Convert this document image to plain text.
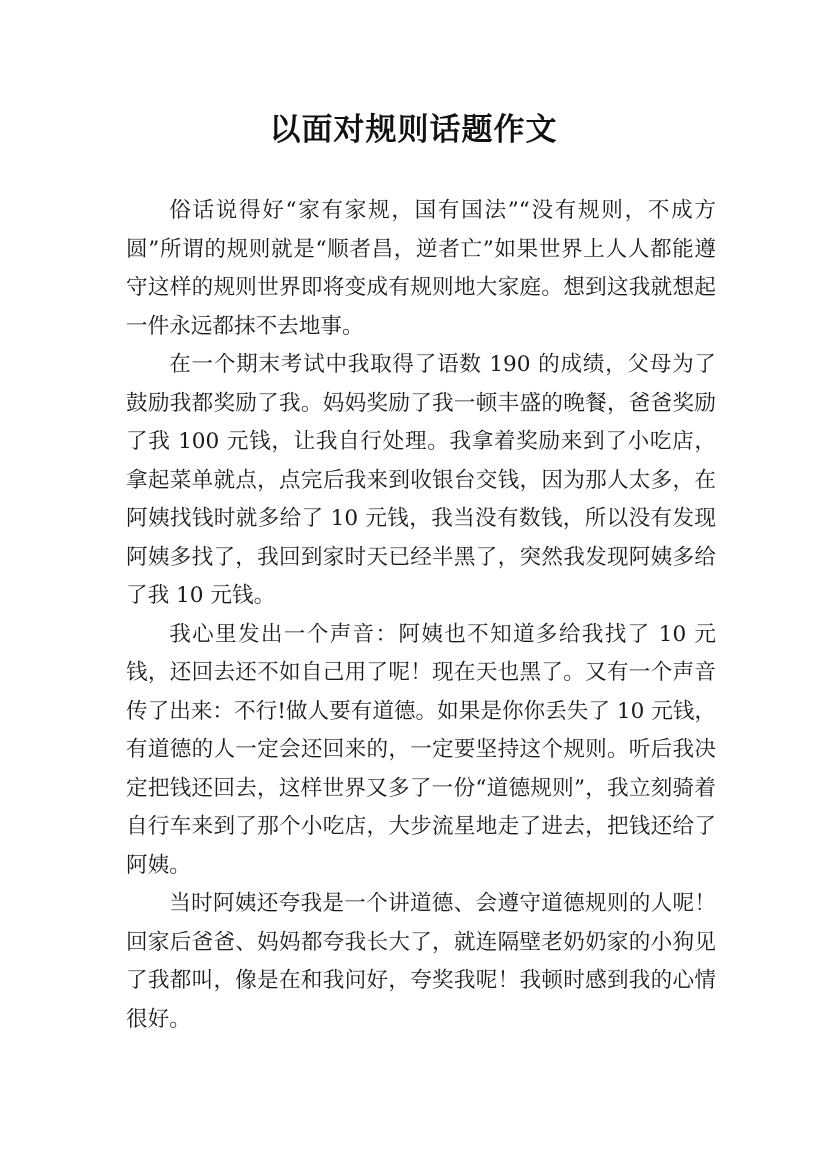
以面对规则话题作文

俗话说得好“家有家规，国有国法”“没有规则，不成方圆”所谓的规则就是“顺者昌，逆者亡”如果世界上人人都能遵守这样的规则世界即将变成有规则地大家庭。想到这我就想起一件永远都抹不去地事。

在一个期末考试中我取得了语数 190 的成绩，父母为了鼓励我都奖励了我。妈妈奖励了我一顿丰盛的晚餐，爸爸奖励了我 100 元钱，让我自行处理。我拿着奖励来到了小吃店，拿起菜单就点，点完后我来到收银台交钱，因为那人太多，在阿姨找钱时就多给了 10 元钱，我当没有数钱，所以没有发现阿姨多找了，我回到家时天已经半黑了，突然我发现阿姨多给了我 10 元钱。

我心里发出一个声音：阿姨也不知道多给我找了 10 元钱，还回去还不如自己用了呢！现在天也黑了。又有一个声音传了出来：不行!做人要有道德。如果是你你丢失了 10 元钱，有道德的人一定会还回来的，一定要坚持这个规则。听后我决定把钱还回去，这样世界又多了一份“道德规则”，我立刻骑着自行车来到了那个小吃店，大步流星地走了进去，把钱还给了阿姨。

当时阿姨还夸我是一个讲道德、会遵守道德规则的人呢！回家后爸爸、妈妈都夸我长大了，就连隔壁老奶奶家的小狗见了我都叫，像是在和我问好，夸奖我呢！我顿时感到我的心情很好。
